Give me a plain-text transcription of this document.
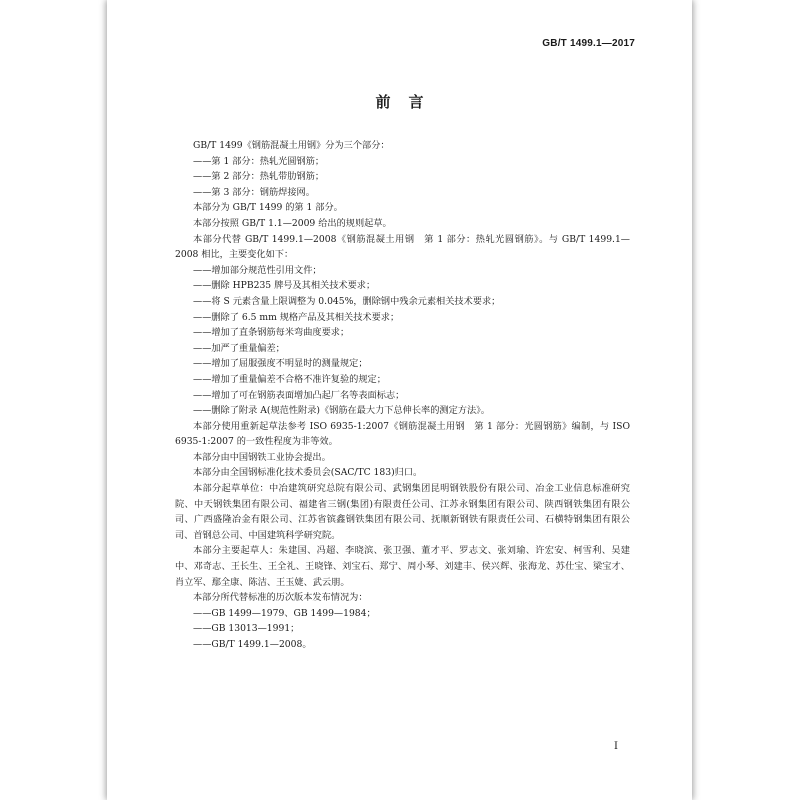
GB/T 1499.1—2017
前言

GB/T 1499《钢筋混凝土用钢》分为三个部分：

——第 1 部分：热轧光圆钢筋；

——第 2 部分：热轧带肋钢筋；

——第 3 部分：钢筋焊接网。

本部分为 GB/T 1499 的第 1 部分。

本部分按照 GB/T 1.1—2009 给出的规则起草。

本部分代替 GB/T 1499.1—2008《钢筋混凝土用钢　第 1 部分：热轧光圆钢筋》。与 GB/T 1499.1—2008 相比，主要变化如下：

——增加部分规范性引用文件；

——删除 HPB235 牌号及其相关技术要求；

——将 S 元素含量上限调整为 0.045%，删除钢中残余元素相关技术要求；

——删除了 6.5 mm 规格产品及其相关技术要求；

——增加了直条钢筋每米弯曲度要求；

——加严了重量偏差；

——增加了屈服强度不明显时的测量规定；

——增加了重量偏差不合格不准许复验的规定；

——增加了可在钢筋表面增加凸起厂名等表面标志；

——删除了附录 A(规范性附录)《钢筋在最大力下总伸长率的测定方法》。

本部分使用重新起草法参考 ISO 6935-1:2007《钢筋混凝土用钢　第 1 部分：光圆钢筋》编制，与 ISO 6935-1:2007 的一致性程度为非等效。

本部分由中国钢铁工业协会提出。

本部分由全国钢标准化技术委员会(SAC/TC 183)归口。

本部分起草单位：中冶建筑研究总院有限公司、武钢集团昆明钢铁股份有限公司、冶金工业信息标准研究院、中天钢铁集团有限公司、福建省三钢(集团)有限责任公司、江苏永钢集团有限公司、陕西钢铁集团有限公司、广西盛隆冶金有限公司、江苏省镔鑫钢铁集团有限公司、抚顺新钢铁有限责任公司、石横特钢集团有限公司、首钢总公司、中国建筑科学研究院。

本部分主要起草人：朱建国、冯超、李晓滨、张卫强、董才平、罗志文、张刘瑜、许宏安、柯雪利、吴建中、邓奇志、王长生、王全礼、王晓锋、刘宝石、郑宁、周小琴、刘建丰、侯兴辉、张海龙、苏仕宝、梁宝才、肖立军、鄢全康、陈洁、王玉婕、武云朋。

本部分所代替标准的历次版本发布情况为：

——GB 1499—1979、GB 1499—1984；

——GB 13013—1991；

——GB/T 1499.1—2008。

I
